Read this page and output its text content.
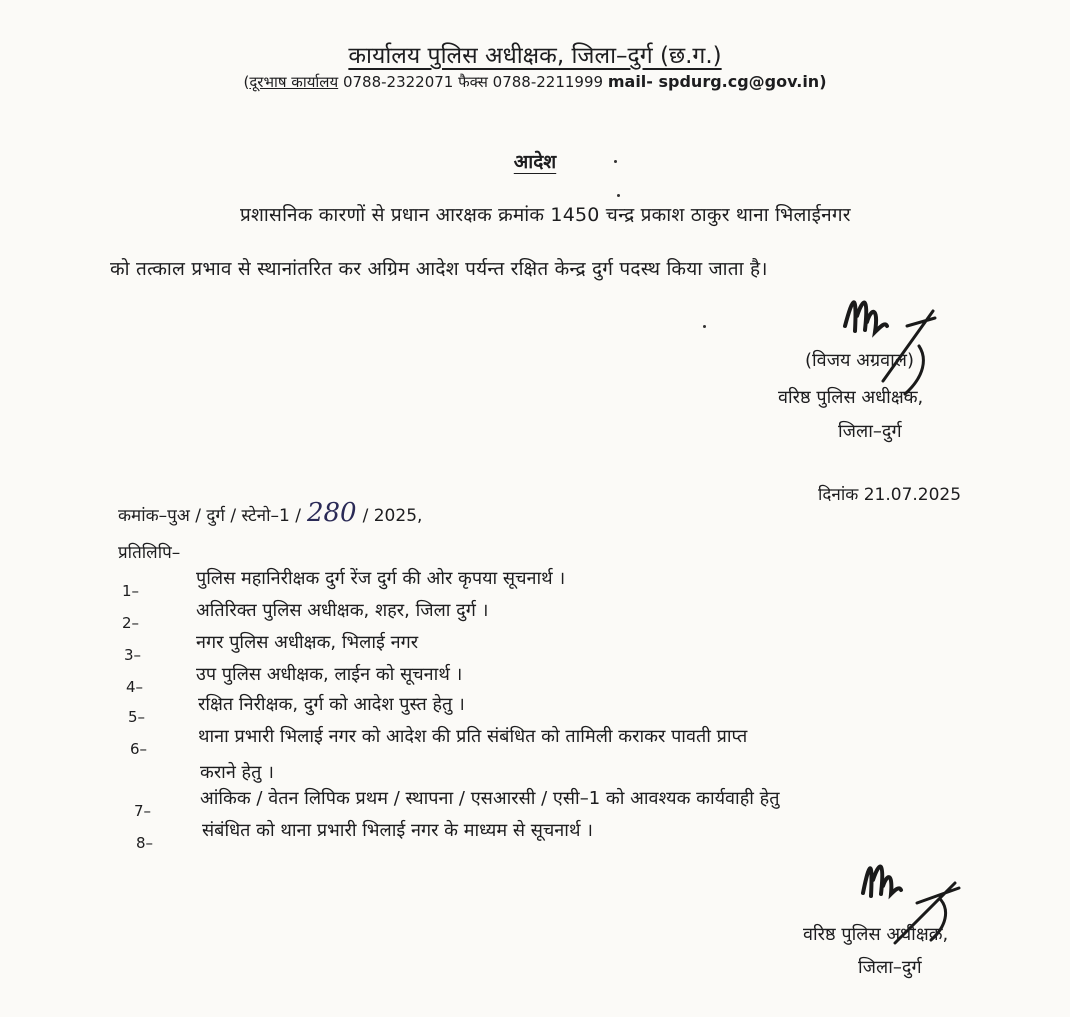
कार्यालय पुलिस अधीक्षक, जिला–दुर्ग (छ.ग.)
(दूरभाष कार्यालय 0788-2322071 फैक्स 0788-2211999 mail- spdurg.cg@gov.in)
आदेश
प्रशासनिक कारणों से प्रधान आरक्षक क्रमांक 1450 चन्द्र प्रकाश ठाकुर थाना भिलाईनगर
को तत्काल प्रभाव से स्थानांतरित कर अग्रिम आदेश पर्यन्त रक्षित केन्द्र दुर्ग पदस्थ किया जाता है।
(विजय अग्रवाल)
वरिष्ठ पुलिस अधीक्षक,
जिला–दुर्ग
दिनांक 21.07.2025
कमांक–पुअ / दुर्ग / स्टेनो–1 / 280 / 2025,
प्रतिलिपि–
1–
पुलिस महानिरीक्षक दुर्ग रेंज दुर्ग की ओर कृपया सूचनार्थ ।
2–
अतिरिक्त पुलिस अधीक्षक, शहर, जिला दुर्ग ।
3–
नगर पुलिस अधीक्षक, भिलाई नगर
4–
उप पुलिस अधीक्षक, लाईन को सूचनार्थ ।
5–
रक्षित निरीक्षक, दुर्ग को आदेश पुस्त हेतु ।
6–
थाना प्रभारी भिलाई नगर को आदेश की प्रति संबंधित को तामिली कराकर पावती प्राप्त
कराने हेतु ।
7–
आंकिक / वेतन लिपिक प्रथम / स्थापना / एसआरसी / एसी–1 को आवश्यक कार्यवाही हेतु
8–
संबंधित को थाना प्रभारी भिलाई नगर के माध्यम से सूचनार्थ ।
वरिष्ठ पुलिस अधीक्षक,
जिला–दुर्ग
